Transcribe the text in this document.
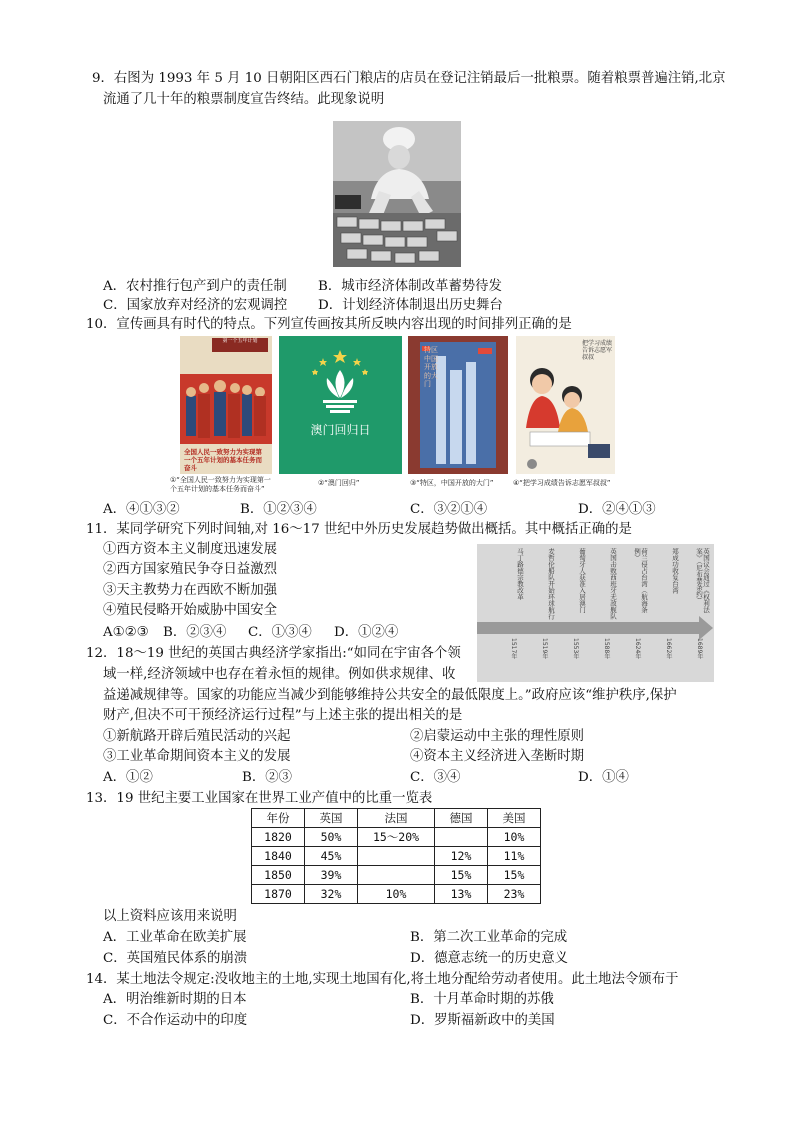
9．右图为 1993 年 5 月 10 日朝阳区西石门粮店的店员在登记注销最后一批粮票。随着粮票普遍注销,北京
流通了几十年的粮票制度宣告终结。此现象说明
A．农村推行包产到户的责任制 B．城市经济体制改革蓄势待发
C．国家放弃对经济的宏观调控 D．计划经济体制退出历史舞台
10．宣传画具有时代的特点。下列宣传画按其所反映内容出现的时间排列正确的是
第一个五年计划
全国人民一致努力为实现第一个五年计划的基本任务而奋斗
澳门回归日
特区中国开放的大门
把学习成绩告诉志愿军叔叔
①“全国人民一致努力为实现第一个五年计划的基本任务而奋斗”
②“澳门回归”	③“特区，中国开放的大门”	④“把学习成绩告诉志愿军叔叔”
A．④①③②	B．①②③④	C．③②①④	D．②④①③
11．某同学研究下列时间轴,对 16～17 世纪中外历史发展趋势做出概括。其中概括正确的是
①西方资本主义制度迅速发展
②西方国家殖民争夺日益激烈
③天主教势力在西欧不断加强
④殖民侵略开始威胁中国安全
A①②③ B．②③④ C．①③④ D．①②④
马丁路德宗教改革
1517年
麦哲伦船队开始环球航行
1519年
葡萄牙人获准入居澳门
1553年
英国击败西班牙无敌舰队
1588年
荷兰侵占台湾（航海条例）
1624年
郑成功收复台湾
1662年
英国议会通过《权利法案》（尼布楚条约）
1689年
12．18～19 世纪的英国古典经济学家指出:“如同在宇宙各个领
域一样,经济领域中也存在着永恒的规律。例如供求规律、收
益递减规律等。国家的功能应当减少到能够维持公共安全的最低限度上。”政府应该“维护秩序,保护
财产,但决不可干预经济运行过程”与上述主张的提出相关的是
①新航路开辟后殖民活动的兴起	②启蒙运动中主张的理性原则
③工业革命期间资本主义的发展	④资本主义经济进入垄断时期
A．①②	B．②③	C．③④	D．①④
13．19 世纪主要工业国家在世界工业产值中的比重一览表
年份	英国	法国	德国	美国
1820	50%	15～20%		10%
1840	45%		12%	11%
1850	39%		15%	15%
1870	32%	10%	13%	23%
以上资料应该用来说明
A．工业革命在欧美扩展	B．第二次工业革命的完成
C．英国殖民体系的崩溃	D．德意志统一的历史意义
14．某土地法令规定:没收地主的土地,实现土地国有化,将土地分配给劳动者使用。此土地法令颁布于
A．明治维新时期的日本	B．十月革命时期的苏俄
C．不合作运动中的印度	D．罗斯福新政中的美国
